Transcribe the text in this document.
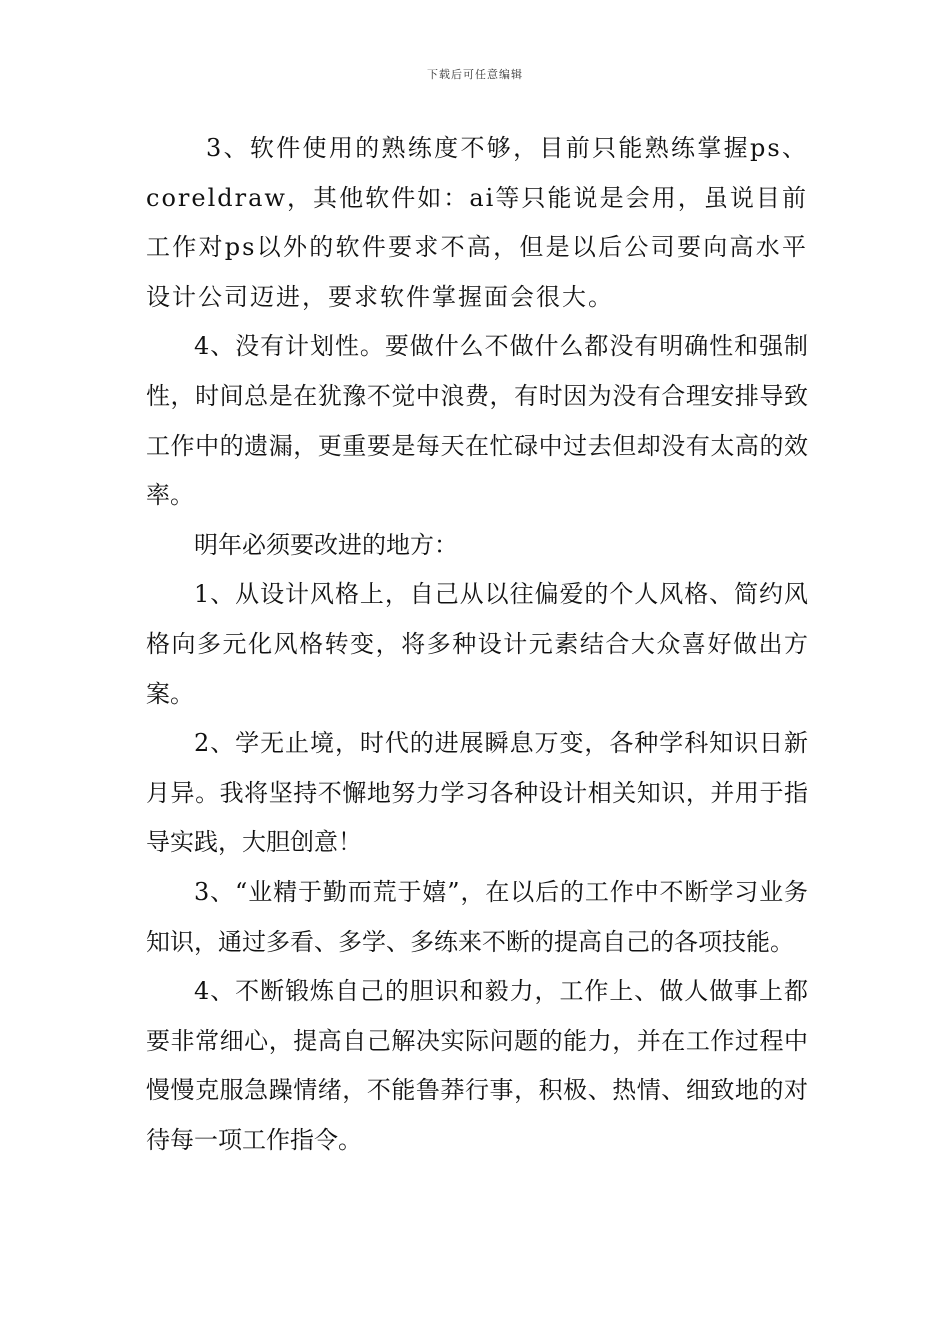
下载后可任意编辑

3、软件使用的熟练度不够，目前只能熟练掌握ps、coreldraw，其他软件如：ai等只能说是会用，虽说目前工作对ps以外的软件要求不高，但是以后公司要向高水平设计公司迈进，要求软件掌握面会很大。

4、没有计划性。要做什么不做什么都没有明确性和强制性，时间总是在犹豫不觉中浪费，有时因为没有合理安排导致工作中的遗漏，更重要是每天在忙碌中过去但却没有太高的效率。

明年必须要改进的地方：

1、从设计风格上，自己从以往偏爱的个人风格、简约风格向多元化风格转变，将多种设计元素结合大众喜好做出方案。

2、学无止境，时代的进展瞬息万变，各种学科知识日新月异。我将坚持不懈地努力学习各种设计相关知识，并用于指导实践，大胆创意！

3、“业精于勤而荒于嬉”，在以后的工作中不断学习业务知识，通过多看、多学、多练来不断的提高自己的各项技能。

4、不断锻炼自己的胆识和毅力，工作上、做人做事上都要非常细心，提高自己解决实际问题的能力，并在工作过程中慢慢克服急躁情绪，不能鲁莽行事，积极、热情、细致地的对待每一项工作指令。
